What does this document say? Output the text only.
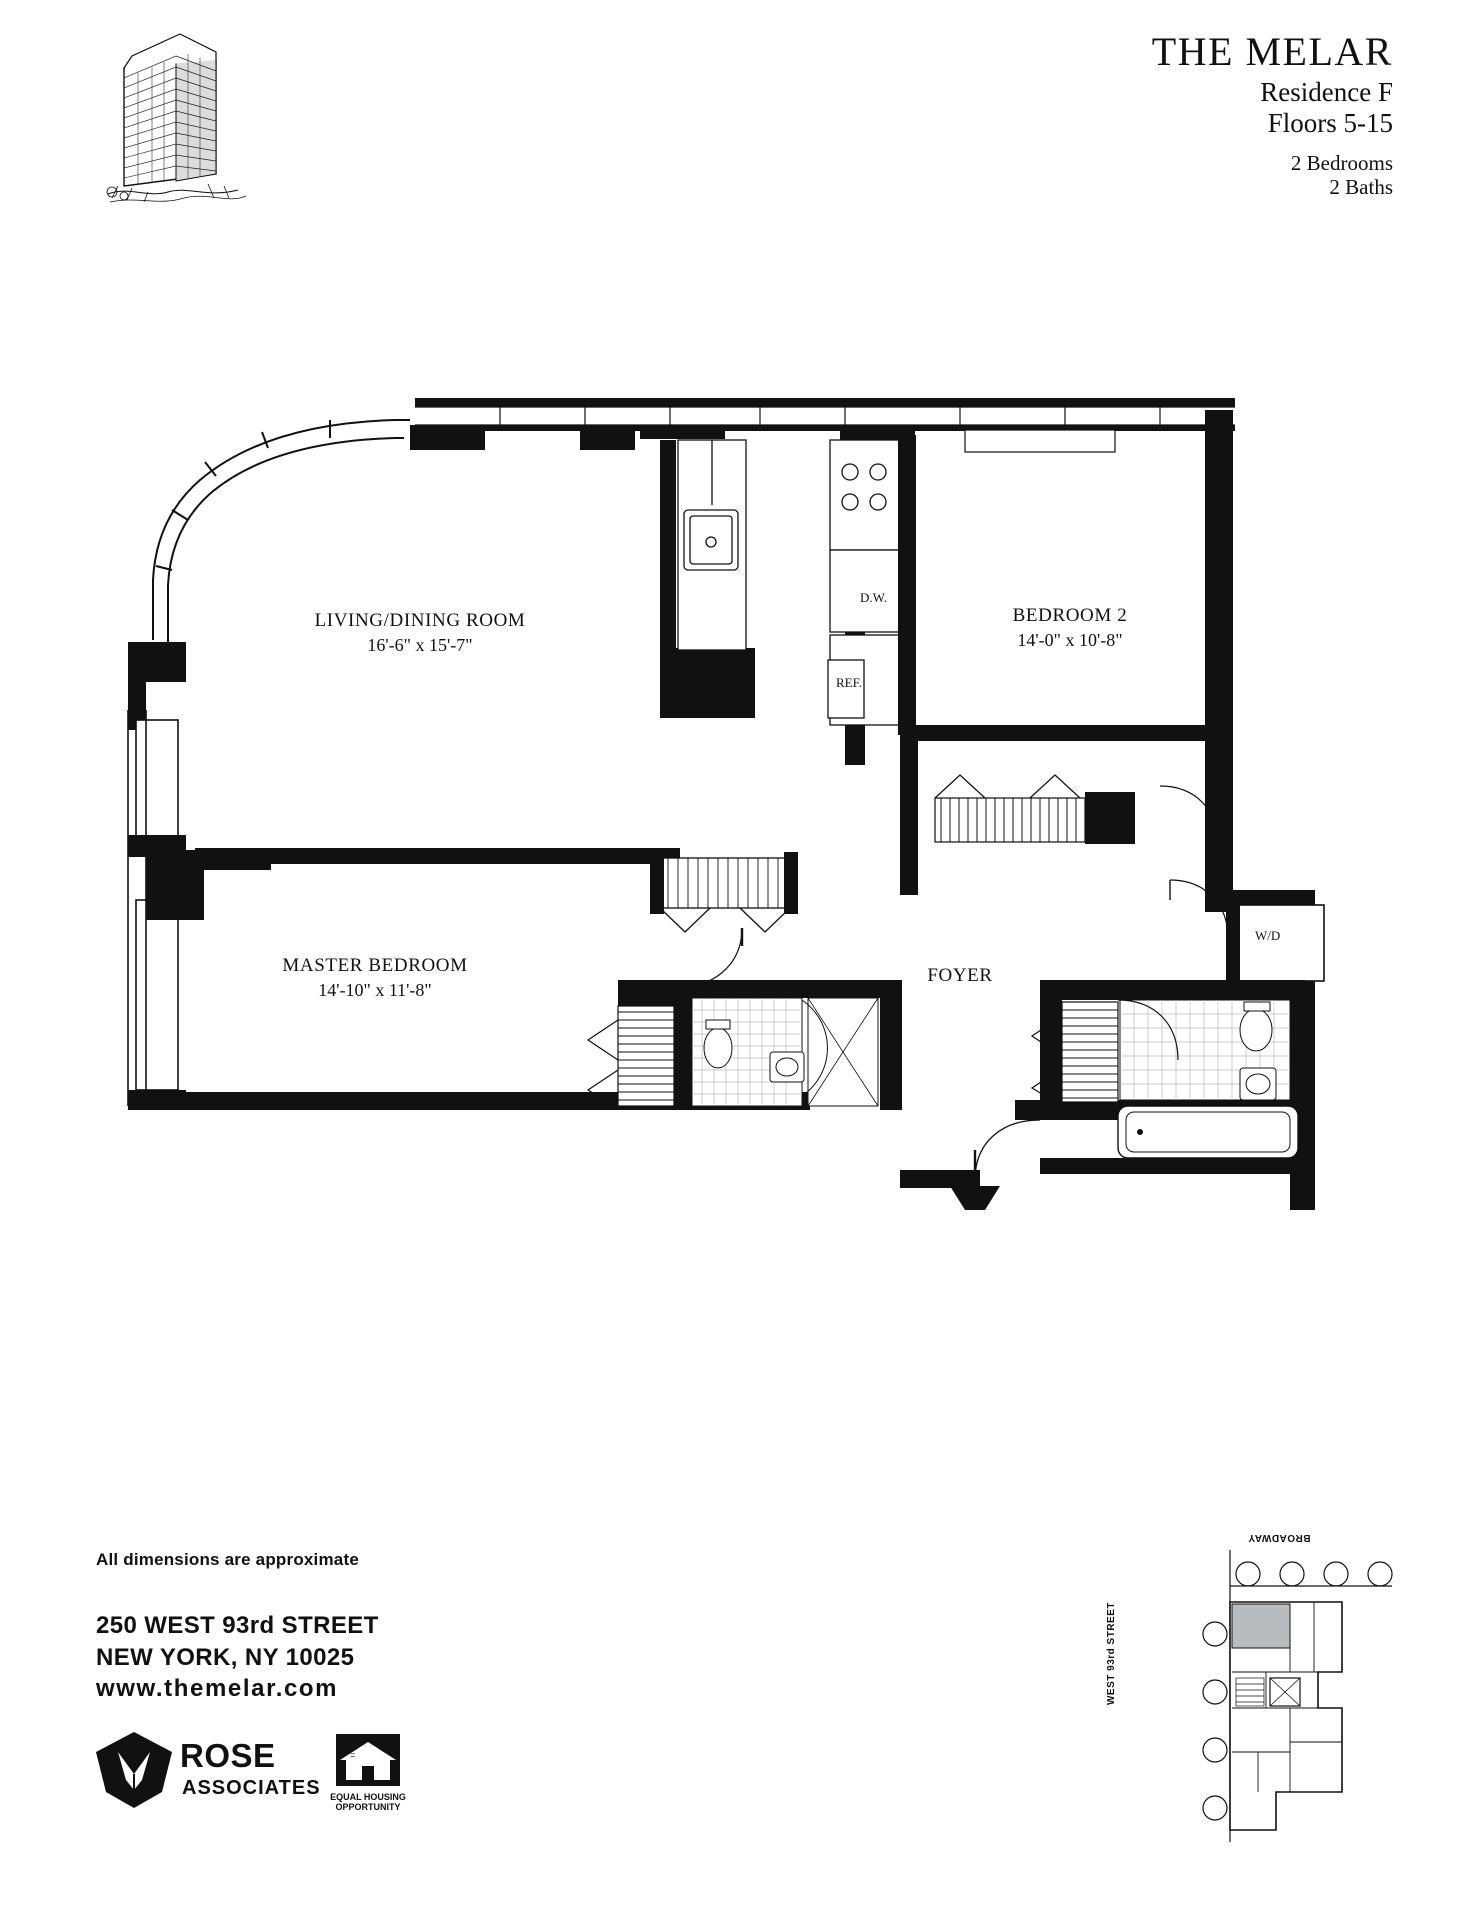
THE MELAR
Residence F
Floors 5-15
2 Bedrooms
2 Baths
LIVING/DINING ROOM
16'-6" x 15'-7"
BEDROOM 2
14'-0" x 10'-8"
MASTER BEDROOM
14'-10" x 11'-8"
FOYER
D.W.
REF.
W/D
All dimensions are approximate
250 WEST 93rd STREET
NEW YORK, NY 10025
www.themelar.com
ROSE
ASSOCIATES
=
EQUAL HOUSING
OPPORTUNITY
BROADWAY
WEST 93rd STREET
